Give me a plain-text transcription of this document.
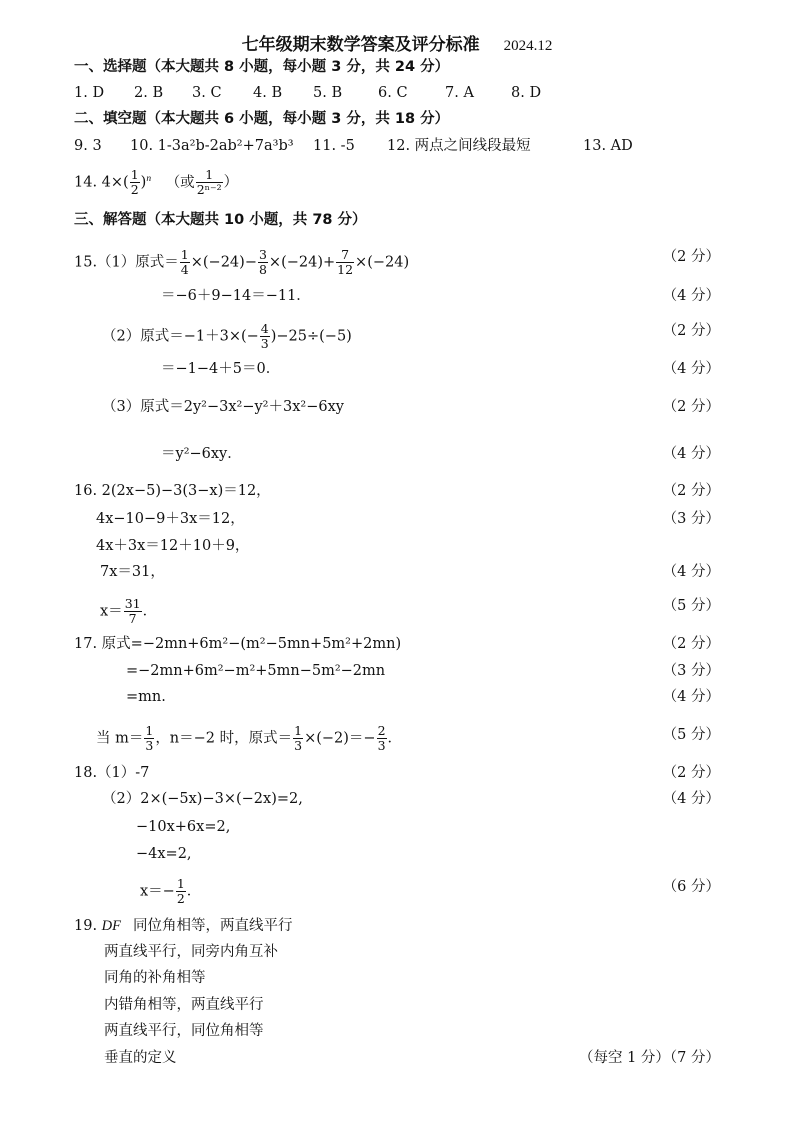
七年级期末数学答案及评分标准 2024.12
一、选择题（本大题共 8 小题，每小题 3 分，共 24 分）
1. D 2. B 3. C 4. B 5. B 6. C	7. A	8. D
二、填空题（本大题共 6 小题，每小题 3 分，共 18 分）
9. 3 10. 1-3a²b-2ab²+7a³b³ 11. -5 12. 两点之间线段最短	13. AD
14. $4\times( \frac{1}{2} )^n$ （或 $\frac{1}{\text{2ⁿ⁻²}}$ ）
三、解答题（本大题共 10 小题，共 78 分）
15.（1）原式＝ $\frac{1}{4} \times(-24)- \frac{3}{8} \times(-24)+ \frac{7}{12} \times(-24)$	（2 分）
＝−6＋9−14＝−11．	（4 分）
（2）原式$=-1+3\times(- \frac{4}{3} )-25\div(-5)$	（2 分）
＝−1−4＋5＝0．	（4 分）
（3）原式＝2y²−3x²−y²＋3x²−6xy	（2 分）
＝y²−6xy．	（4 分）
16. 2(2x−5)−3(3−x)＝12，	（2 分）
4x−10−9＋3x＝12，	（3 分）
4x＋3x＝12＋10＋9，
7x＝31，	（4 分）
$x= \frac{31}{7}$ ．	（5 分）
17. 原式=−2mn+6m²−(m²−5mn+5m²+2mn)	（2 分）
=−2mn+6m²−m²+5mn−5m²−2mn	（3 分）
=mn.	（4 分）
当 $m= \frac{1}{3}$ ，n＝−2 时，原式＝ $\frac{1}{3} \times(-2)=- \frac{2}{3}$ ．	（5 分）
18.（1）-7	（2 分）
（2）2×(−5x)−3×(−2x)=2,	（4 分）
−10x+6x=2,
−4x=2,
$x=- \frac{1}{2}$ ．	（6 分）
19. DF 同位角相等，两直线平行
两直线平行，同旁内角互补
同角的补角相等
内错角相等，两直线平行
两直线平行，同位角相等
垂直的定义	（每空 1 分）（7 分）
